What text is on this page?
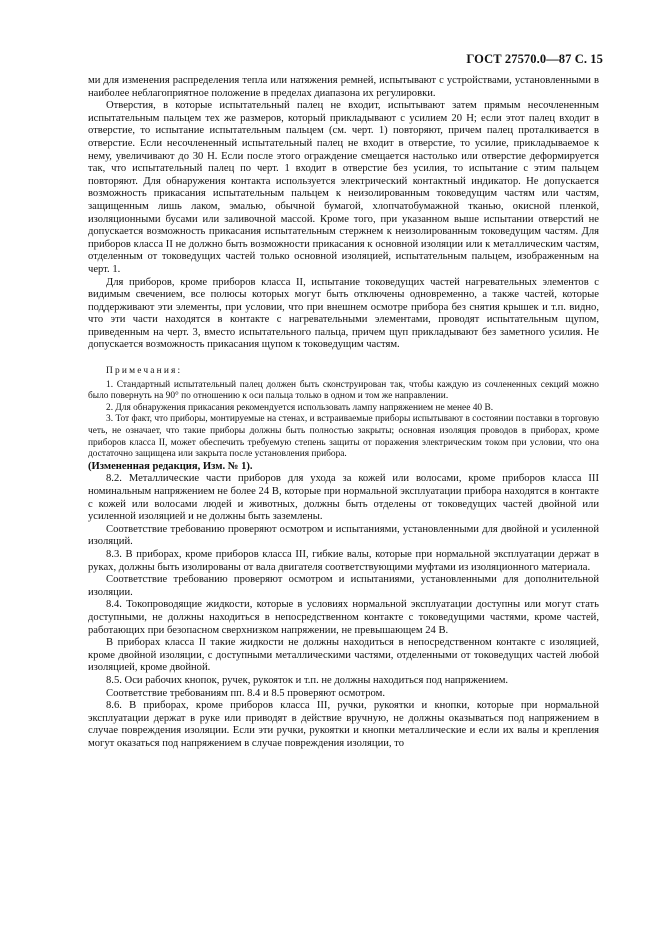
ГОСТ 27570.0—87 С. 15

ми для изменения распределения тепла или натяжения ремней, испытывают с устройствами, установленными в наиболее неблагоприятное положение в пределах диапазона их регулировки.

Отверстия, в которые испытательный палец не входит, испытывают затем прямым несочлененным испытательным пальцем тех же размеров, который прикладывают с усилием 20 Н; если этот палец входит в отверстие, то испытание испытательным пальцем (см. черт. 1) повторяют, причем палец проталкивается в отверстие. Если несочлененный испытательный палец не входит в отверстие, то усилие, прикладываемое к нему, увеличивают до 30 Н. Если после этого ограждение смещается настолько или отверстие деформируется так, что испытательный палец по черт. 1 входит в отверстие без усилия, то испытание с этим пальцем повторяют. Для обнаружения контакта используется электрический контактный индикатор. Не допускается возможность прикасания испытательным пальцем к неизолированным токоведущим частям или частям, защищенным лишь лаком, эмалью, обычной бумагой, хлопчатобумажной тканью, окисной пленкой, изоляционными бусами или заливочной массой. Кроме того, при указанном выше испытании отверстий не допускается возможность прикасания испытательным стержнем к неизолированным токоведущим частям. Для приборов класса II не должно быть возможности прикасания к основной изоляции или к металлическим частям, отделенным от токоведущих частей только основной изоляцией, испытательным пальцем, изображенным на черт. 1.

Для приборов, кроме приборов класса II, испытание токоведущих частей нагревательных элементов с видимым свечением, все полюсы которых могут быть отключены одновременно, а также частей, которые поддерживают эти элементы, при условии, что при внешнем осмотре прибора без снятия крышек и т.п. видно, что эти части находятся в контакте с нагревательными элементами, проводят испытательным щупом, приведенным на черт. 3, вместо испытательного пальца, причем щуп прикладывают без заметного усилия. Не допускается возможность прикасания щупом к токоведущим частям.

Примечания:

1. Стандартный испытательный палец должен быть сконструирован так, чтобы каждую из сочлененных секций можно было повернуть на 90° по отношению к оси пальца только в одном и том же направлении.

2. Для обнаружения прикасания рекомендуется использовать лампу напряжением не менее 40 В.

3. Тот факт, что приборы, монтируемые на стенах, и встраиваемые приборы испытывают в состоянии поставки в торговую четь, не означает, что такие приборы должны быть полностью закрыты; основная изоляция проводов в приборах, кроме приборов класса II, может обеспечить требуемую степень защиты от поражения электрическим током при условии, что она достаточно защищена или закрыта после установления прибора.

(Измененная редакция, Изм. № 1).

8.2. Металлические части приборов для ухода за кожей или волосами, кроме приборов класса III номинальным напряжением не более 24 В, которые при нормальной эксплуатации прибора находятся в контакте с кожей или волосами людей и животных, должны быть отделены от токоведущих частей двойной или усиленной изоляцией и не должны быть заземлены.

Соответствие требованию проверяют осмотром и испытаниями, установленными для двойной и усиленной изоляций.

8.3. В приборах, кроме приборов класса III, гибкие валы, которые при нормальной эксплуатации держат в руках, должны быть изолированы от вала двигателя соответствующими муфтами из изоляционного материала.

Соответствие требованию проверяют осмотром и испытаниями, установленными для дополнительной изоляции.

8.4. Токопроводящие жидкости, которые в условиях нормальной эксплуатации доступны или могут стать доступными, не должны находиться в непосредственном контакте с токоведущими частями, кроме частей, работающих при безопасном сверхнизком напряжении, не превышающем 24 В.

В приборах класса II такие жидкости не должны находиться в непосредственном контакте с изоляцией, кроме двойной изоляции, с доступными металлическими частями, отделенными от токоведущих частей любой изоляцией, кроме двойной.

8.5. Оси рабочих кнопок, ручек, рукояток и т.п. не должны находиться под напряжением.

Соответствие требованиям пп. 8.4 и 8.5 проверяют осмотром.

8.6. В приборах, кроме приборов класса III, ручки, рукоятки и кнопки, которые при нормальной эксплуатации держат в руке или приводят в действие вручную, не должны оказываться под напряжением в случае повреждения изоляции. Если эти ручки, рукоятки и кнопки металлические и если их валы и крепления могут оказаться под напряжением в случае повреждения изоляции, то
